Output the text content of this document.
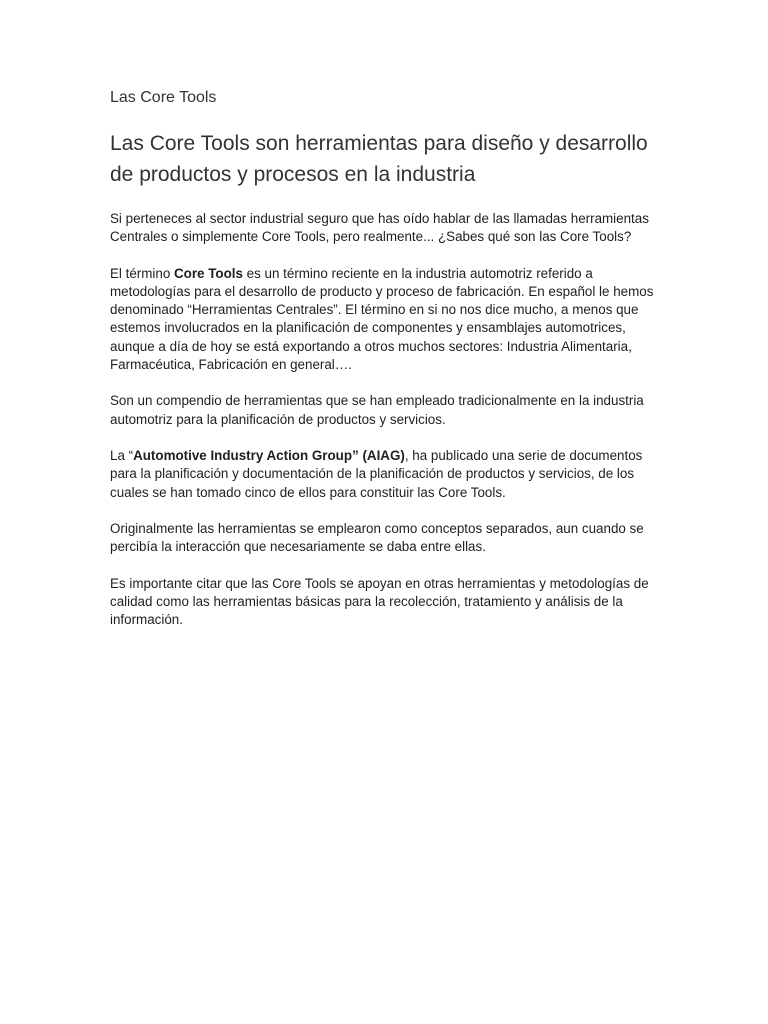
Las Core Tools
Las Core Tools son herramientas para diseño y desarrollo de productos y procesos en la industria

Si perteneces al sector industrial seguro que has oído hablar de las llamadas herramientas Centrales o simplemente Core Tools, pero realmente... ¿Sabes qué son las Core Tools?

El término Core Tools es un término reciente en la industria automotriz referido a metodologías para el desarrollo de producto y proceso de fabricación. En español le hemos denominado “Herramientas Centrales”. El término en si no nos dice mucho, a menos que estemos involucrados en la planificación de componentes y ensamblajes automotrices, aunque a día de hoy se está exportando a otros muchos sectores: Industria Alimentaria, Farmacéutica, Fabricación en general….

Son un compendio de herramientas que se han empleado tradicionalmente en la industria automotriz para la planificación de productos y servicios.

La “Automotive Industry Action Group” (AIAG), ha publicado una serie de documentos para la planificación y documentación de la planificación de productos y servicios, de los cuales se han tomado cinco de ellos para constituir las Core Tools.

Originalmente las herramientas se emplearon como conceptos separados, aun cuando se percibía la interacción que necesariamente se daba entre ellas.

Es importante citar que las Core Tools se apoyan en otras herramientas y metodologías de calidad como las herramientas básicas para la recolección, tratamiento y análisis de la información.
